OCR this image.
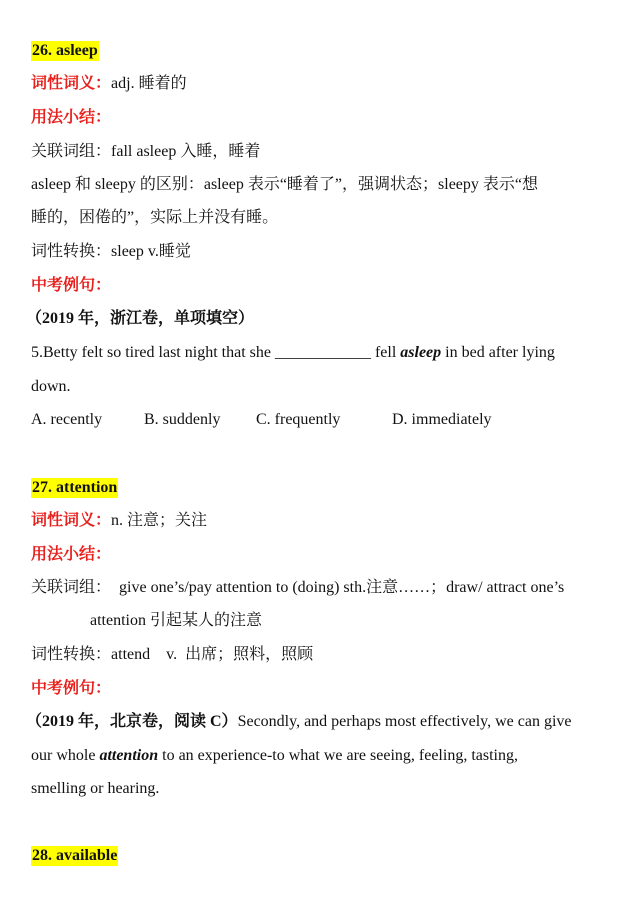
26. asleep
词性词义：adj. 睡着的
用法小结：
关联词组：fall asleep 入睡，睡着
asleep 和 sleepy 的区别：asleep 表示“睡着了”，强调状态；sleepy 表示“想
睡的，困倦的”，实际上并没有睡。
词性转换：sleep v.睡觉
中考例句：
（2019 年，浙江卷，单项填空）
5.Betty felt so tired last night that she ____________ fell asleep in bed after lying
down.
A. recently	B. suddenly C. frequently	D. immediately
27. attention
词性词义：n. 注意；关注
用法小结：
关联词组：  give one’s/pay attention to (doing) sth.注意……；draw/ attract one’s
attention 引起某人的注意
词性转换：attend    v.  出席；照料，照顾
中考例句：
（2019 年，北京卷，阅读 C）Secondly, and perhaps most effectively, we can give
our whole attention to an experience-to what we are seeing, feeling, tasting,
smelling or hearing.
28. available
